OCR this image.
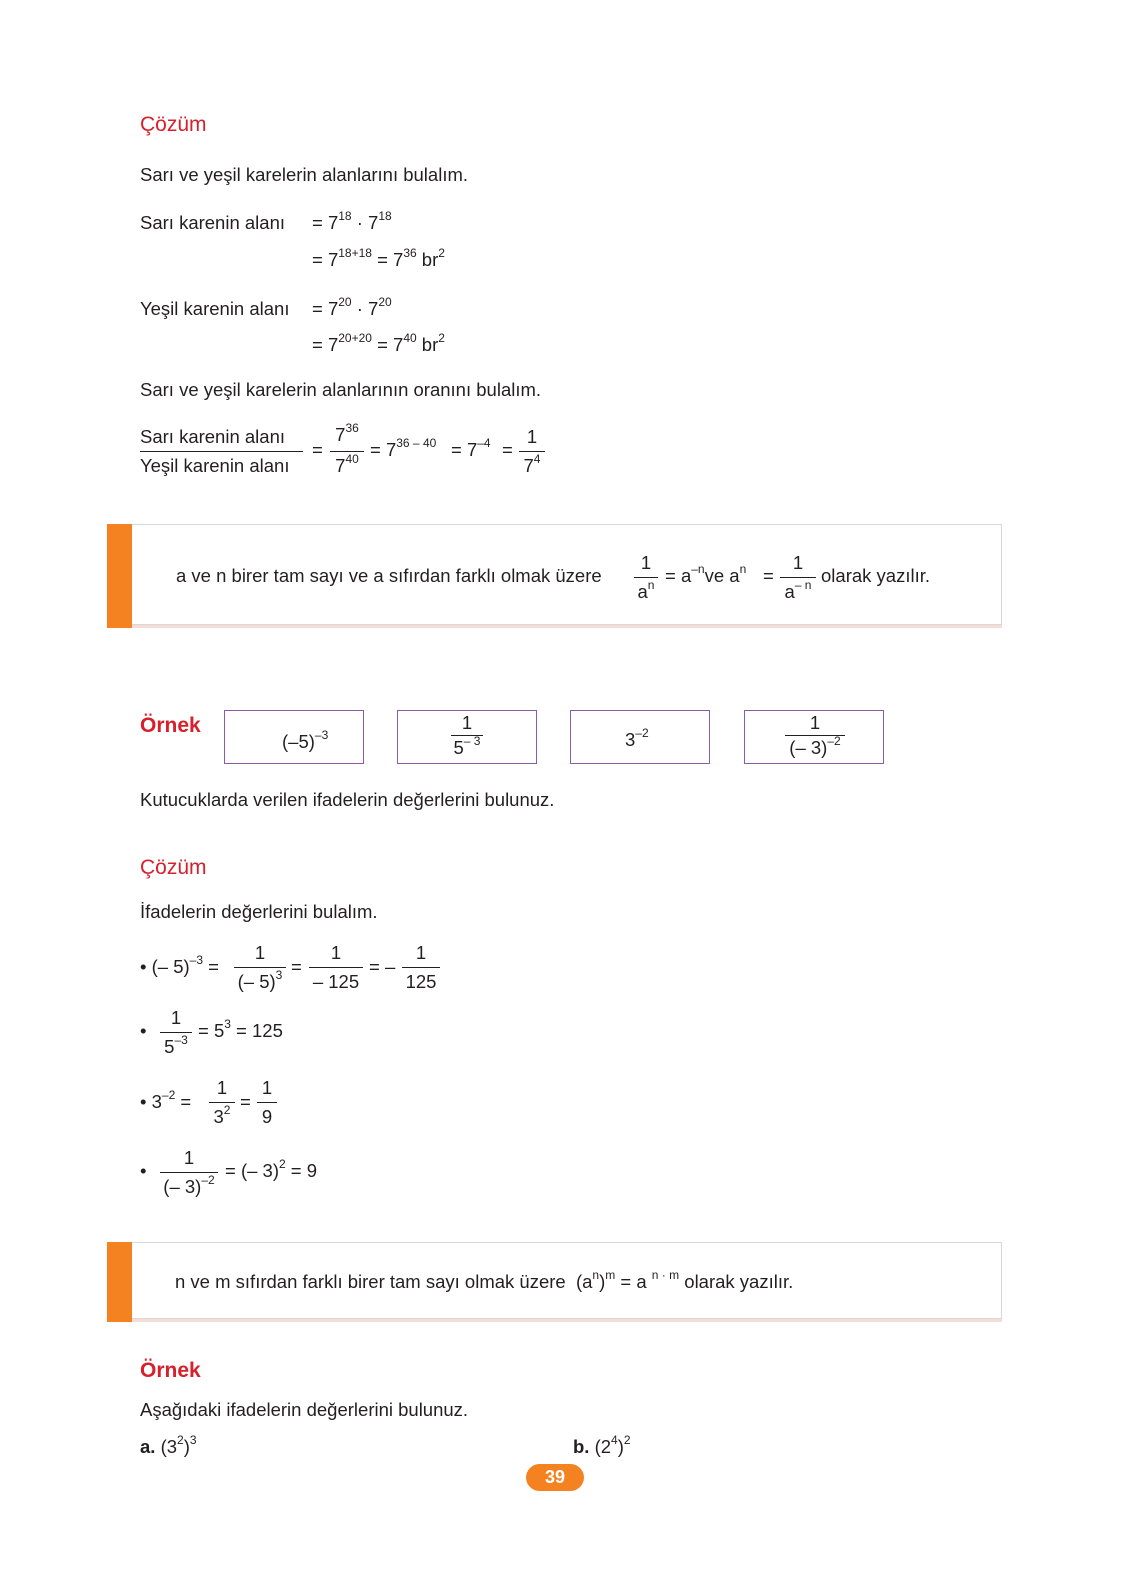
Çözüm
Sarı ve yeşil karelerin alanlarını bulalım.
Sarı karenin alanı = $7^{18} \cdot 7^{18}$
= $7^{18+18} = 7^{36}$ $br^2$
Yeşil karenin alanı = $7^{20} \cdot 7^{20}$
= $7^{20+20} = 7^{40}$ $br^2$
Sarı ve yeşil karelerin alanlarının oranını bulalım.
Sarı karenin alanı
Yeşil karenin alanı
=
$7^{36}$
$7^{40} = 7^{36 - 40} = 7^{-4}$ =
1
$7^4$
a ve n birer tam sayı ve a sıfırdan farklı olmak üzere
1
$a^n = a^{-n}ve$ $a^n$ =
1
$a^{- n}$ olarak yazılır.
Örnek
$(-5)^{-3}$
1
$5^{- 3}$	$3^{-2}$	1
(– 3)$^{-2}$
Kutucuklarda verilen ifadelerin değerlerini bulunuz.
Çözüm
İfadelerin değerlerini bulalım.
• (– 5)$^{-3}$ =
1
(– 5)$^3$ =
1
– 125
= –
1
125
•
1
$5^{-3} = 5^3 = 125$
• $3^{-2}$ =
1
$3^2$ =
1
9
•
1
(– 3)$^{-2}$ = (– 3)$^2$ = 9
n ve m sıfırdan farklı birer tam sayı olmak üzere $(a^n)^m = a$ $^{n \cdot m}$ olarak yazılır.
Örnek
Aşağıdaki ifadelerin değerlerini bulunuz.
a. $(3^2)^3$	b. $(2^4)^2$
39
